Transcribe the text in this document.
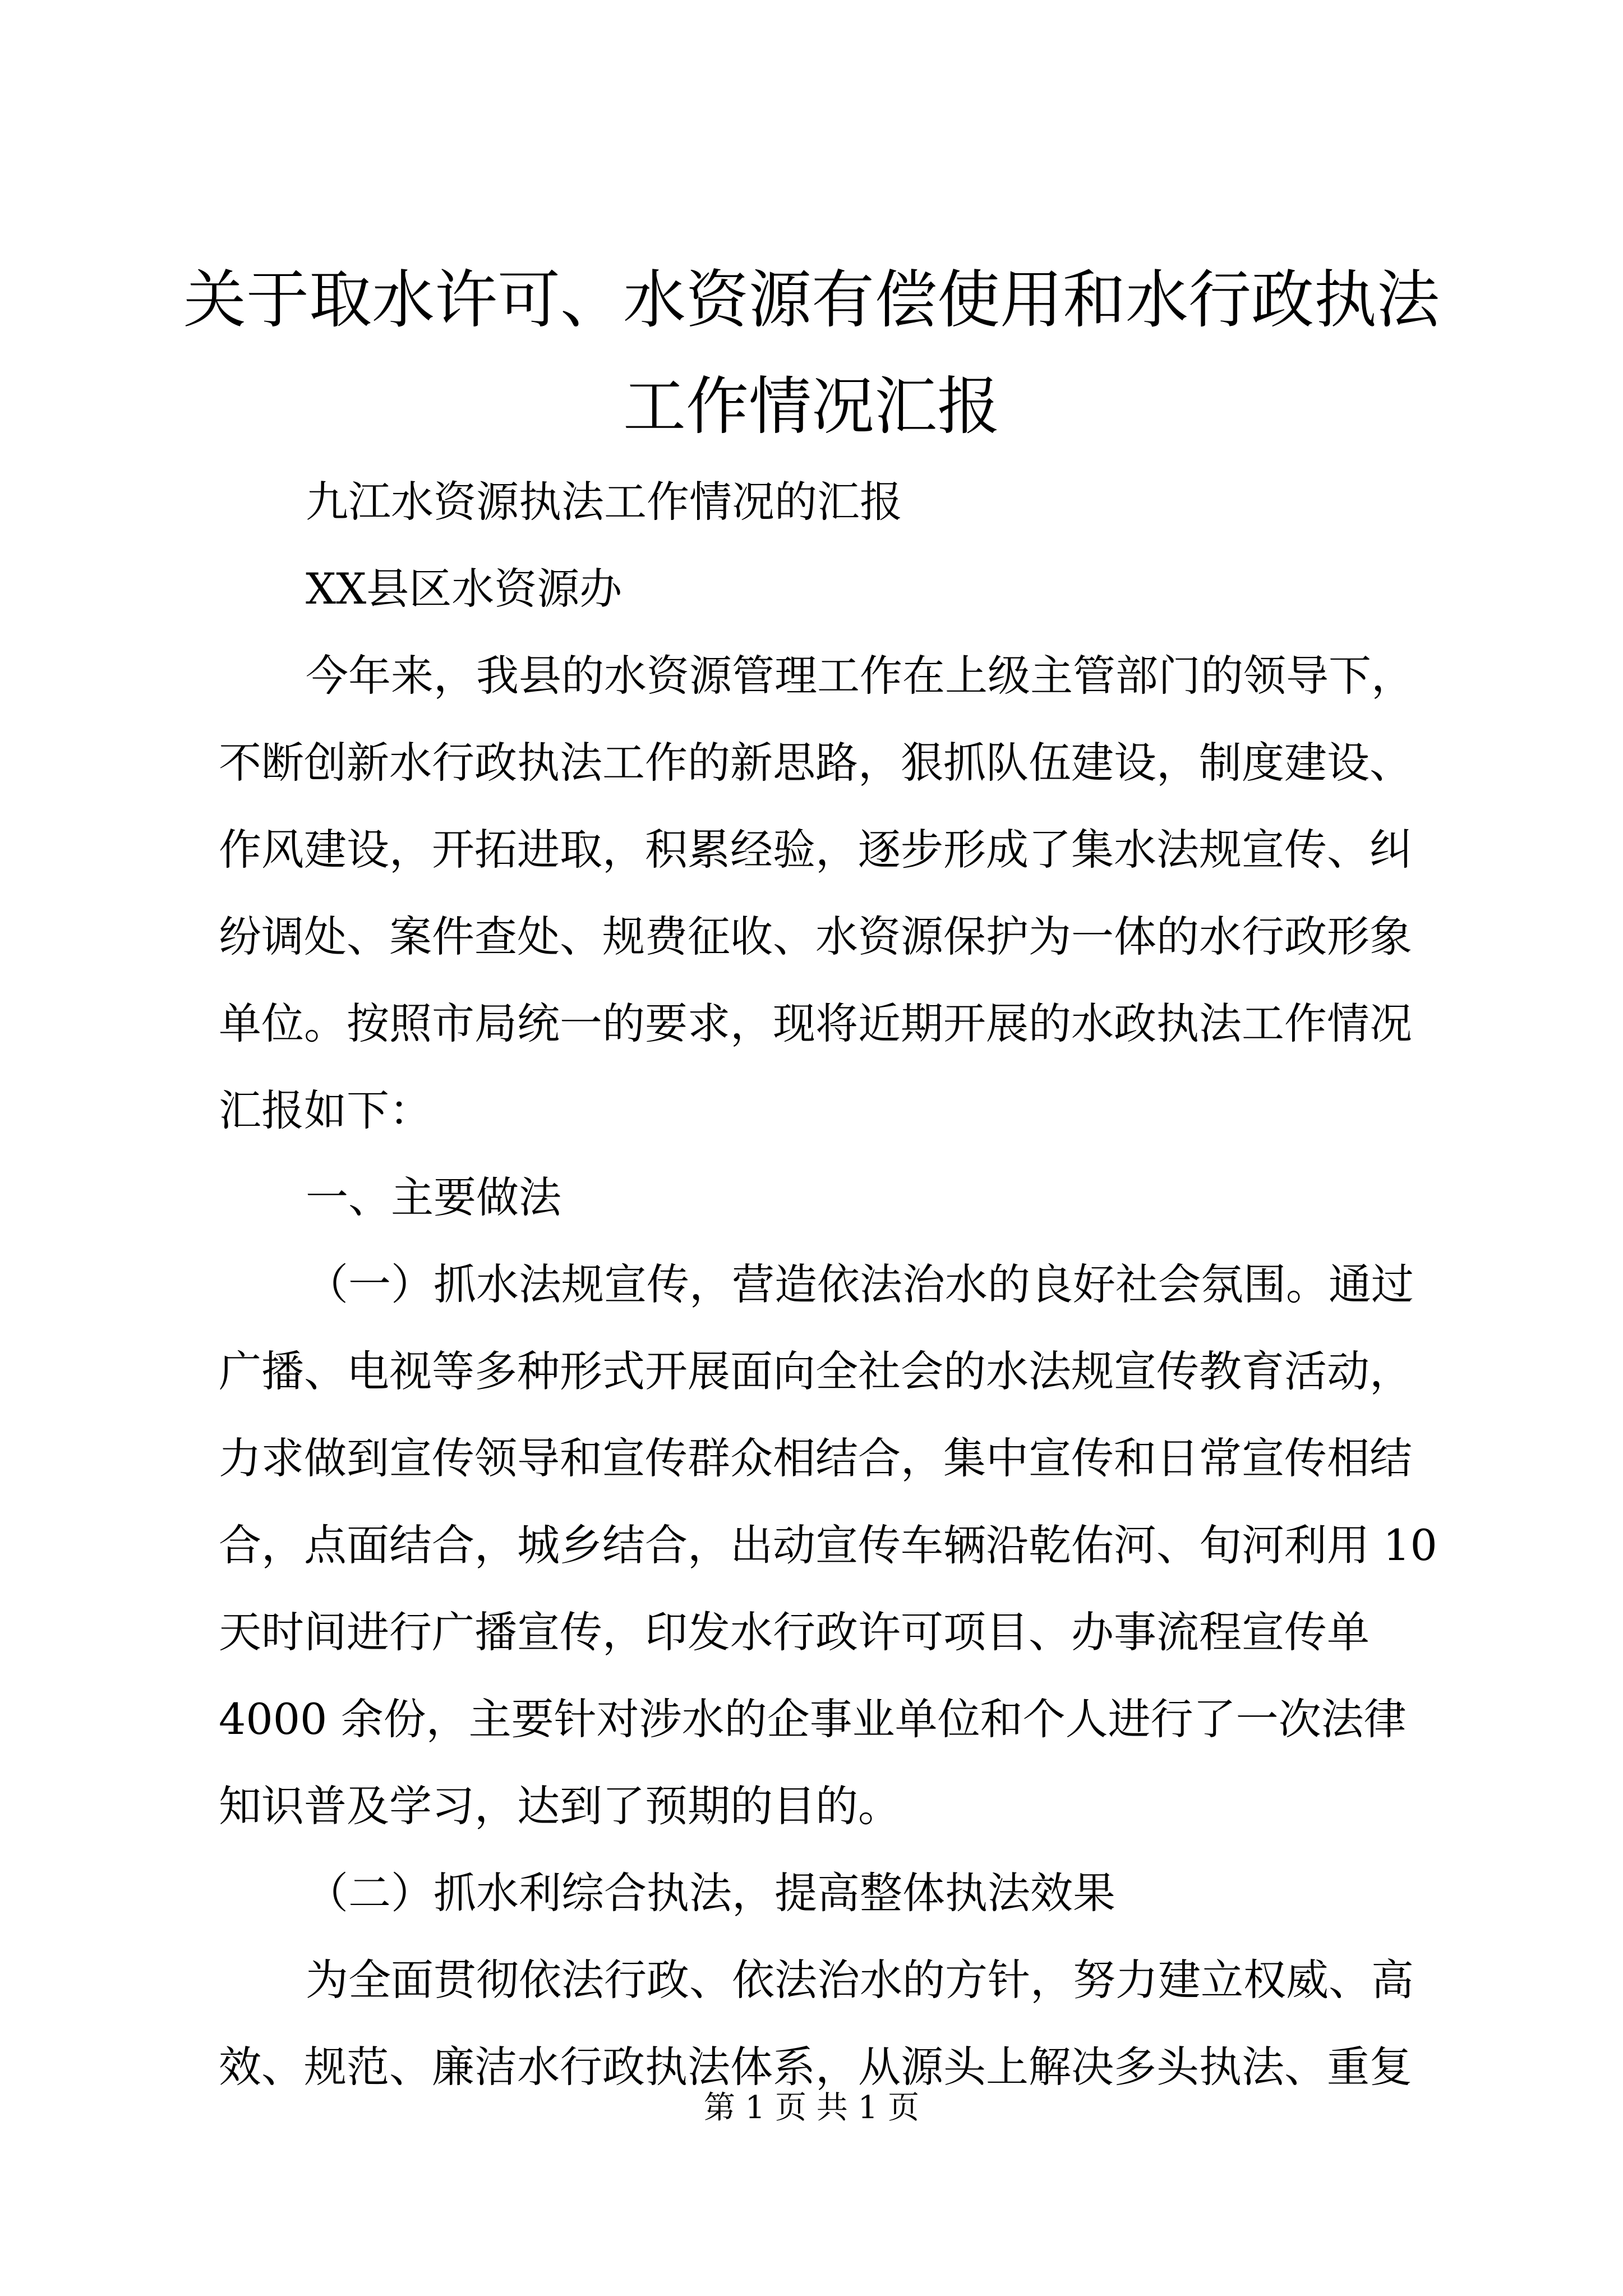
关于取水许可、水资源有偿使用和水行政执法
工作情况汇报
九江水资源执法工作情况的汇报
XX县区水资源办
今年来，我县的水资源管理工作在上级主管部门的领导下，
不断创新水行政执法工作的新思路，狠抓队伍建设，制度建设、
作风建设，开拓进取，积累经验，逐步形成了集水法规宣传、纠
纷调处、案件查处、规费征收、水资源保护为一体的水行政形象
单位。按照市局统一的要求，现将近期开展的水政执法工作情况
汇报如下：
一、主要做法
（一）抓水法规宣传，营造依法治水的良好社会氛围。通过
广播、电视等多种形式开展面向全社会的水法规宣传教育活动，
力求做到宣传领导和宣传群众相结合，集中宣传和日常宣传相结
合，点面结合，城乡结合，出动宣传车辆沿乾佑河、旬河利用 10
天时间进行广播宣传，印发水行政许可项目、办事流程宣传单
4000 余份，主要针对涉水的企事业单位和个人进行了一次法律
知识普及学习，达到了预期的目的。
（二）抓水利综合执法，提高整体执法效果
为全面贯彻依法行政、依法治水的方针，努力建立权威、高
效、规范、廉洁水行政执法体系，从源头上解决多头执法、重复
第 1 页 共 1 页
